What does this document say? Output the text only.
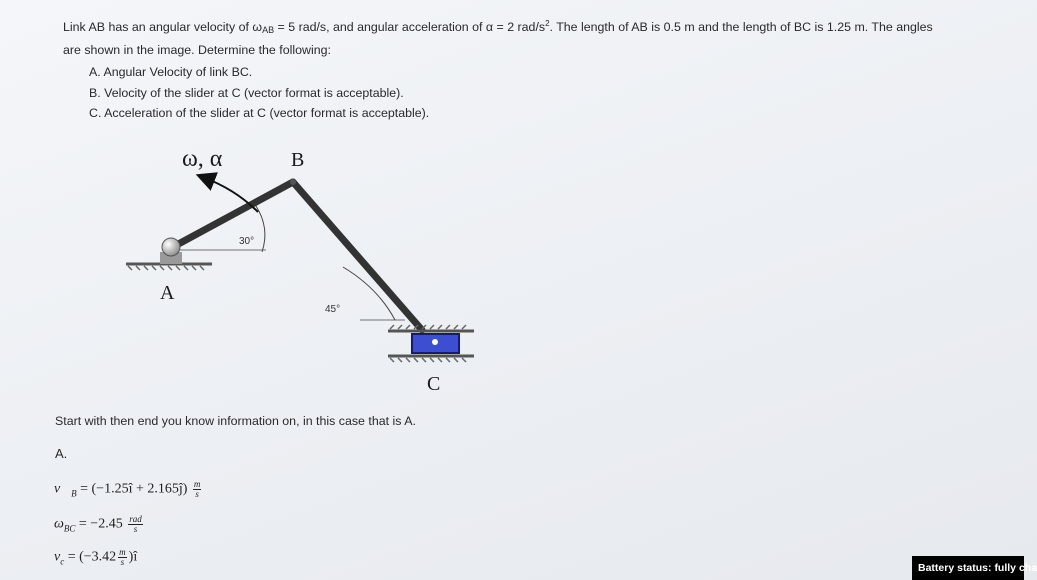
Link AB has an angular velocity of $\omega_{AB} = 5$ rad/s, and angular acceleration of α = 2 rad/$s^2$. The length of AB is 0.5 m and the length of BC is 1.25 m. The angles

are shown in the image. Determine the following:

A. Angular Velocity of link BC.
B. Velocity of the slider at C (vector format is acceptable).
C. Acceleration of the slider at C (vector format is acceptable).
30°
45°
ω, α	B
A
C
Start with then end you know information on, in this case that is A.
A.
$v⃗_B$ = (−1.25î + 2.165ĵ) $\frac{m}{s}$
$\omega_{BC} = -2.45 \frac{\text{rad}}{s}$
$v_c = (-3.42 \frac{m}{s}$ )î
Battery status: fully cha
